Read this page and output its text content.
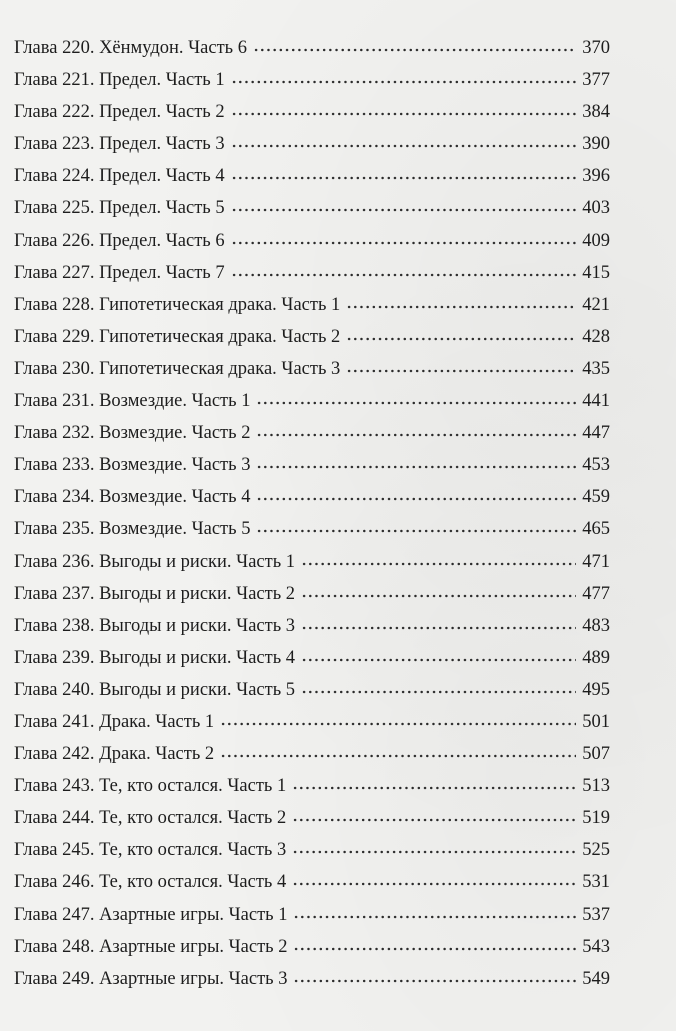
Глава 220. Хёнмудон. Часть 6	370
Глава 221. Предел. Часть 1	377
Глава 222. Предел. Часть 2	384
Глава 223. Предел. Часть 3	390
Глава 224. Предел. Часть 4	396
Глава 225. Предел. Часть 5	403
Глава 226. Предел. Часть 6	409
Глава 227. Предел. Часть 7	415
Глава 228. Гипотетическая драка. Часть 1	421
Глава 229. Гипотетическая драка. Часть 2	428
Глава 230. Гипотетическая драка. Часть 3	435
Глава 231. Возмездие. Часть 1	441
Глава 232. Возмездие. Часть 2	447
Глава 233. Возмездие. Часть 3	453
Глава 234. Возмездие. Часть 4	459
Глава 235. Возмездие. Часть 5	465
Глава 236. Выгоды и риски. Часть 1	471
Глава 237. Выгоды и риски. Часть 2	477
Глава 238. Выгоды и риски. Часть 3	483
Глава 239. Выгоды и риски. Часть 4	489
Глава 240. Выгоды и риски. Часть 5	495
Глава 241. Драка. Часть 1	501
Глава 242. Драка. Часть 2	507
Глава 243. Те, кто остался. Часть 1	513
Глава 244. Те, кто остался. Часть 2	519
Глава 245. Те, кто остался. Часть 3	525
Глава 246. Те, кто остался. Часть 4	531
Глава 247. Азартные игры. Часть 1	537
Глава 248. Азартные игры. Часть 2	543
Глава 249. Азартные игры. Часть 3	549
